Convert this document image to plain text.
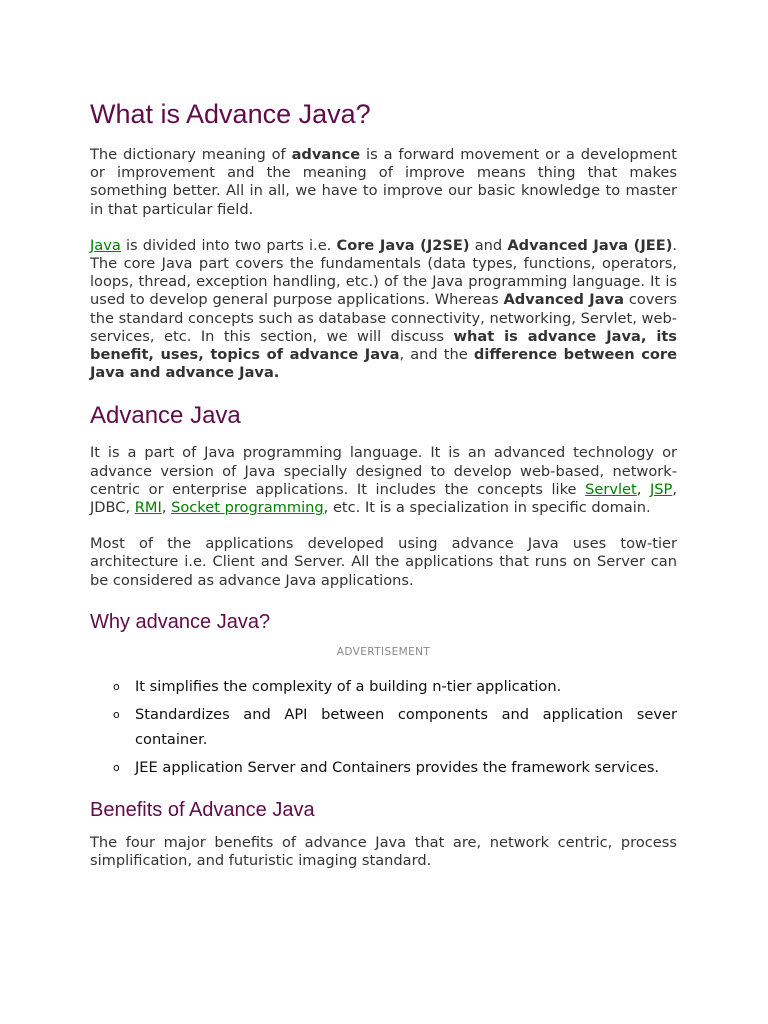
What is Advance Java?

The dictionary meaning of advance is a forward movement or a development or improvement and the meaning of improve means thing that makes something better. All in all, we have to improve our basic knowledge to master in that particular field.

Java is divided into two parts i.e. Core Java (J2SE) and Advanced Java (JEE). The core Java part covers the fundamentals (data types, functions, operators, loops, thread, exception handling, etc.) of the Java programming language. It is used to develop general purpose applications. Whereas Advanced Java covers the standard concepts such as database connectivity, networking, Servlet, web-services, etc. In this section, we will discuss what is advance Java, its benefit, uses, topics of advance Java, and the difference between core Java and advance Java.

Advance Java

It is a part of Java programming language. It is an advanced technology or advance version of Java specially designed to develop web-based, network-centric or enterprise applications. It includes the concepts like Servlet, JSP, JDBC, RMI, Socket programming, etc. It is a specialization in specific domain.

Most of the applications developed using advance Java uses tow-tier architecture i.e. Client and Server. All the applications that runs on Server can be considered as advance Java applications.

Why advance Java?
ADVERTISEMENT
o It simplifies the complexity of a building n-tier application.
o Standardizes and API between components and application sever container.
o JEE application Server and Containers provides the framework services.
Benefits of Advance Java

The four major benefits of advance Java that are, network centric, process simplification, and futuristic imaging standard.
